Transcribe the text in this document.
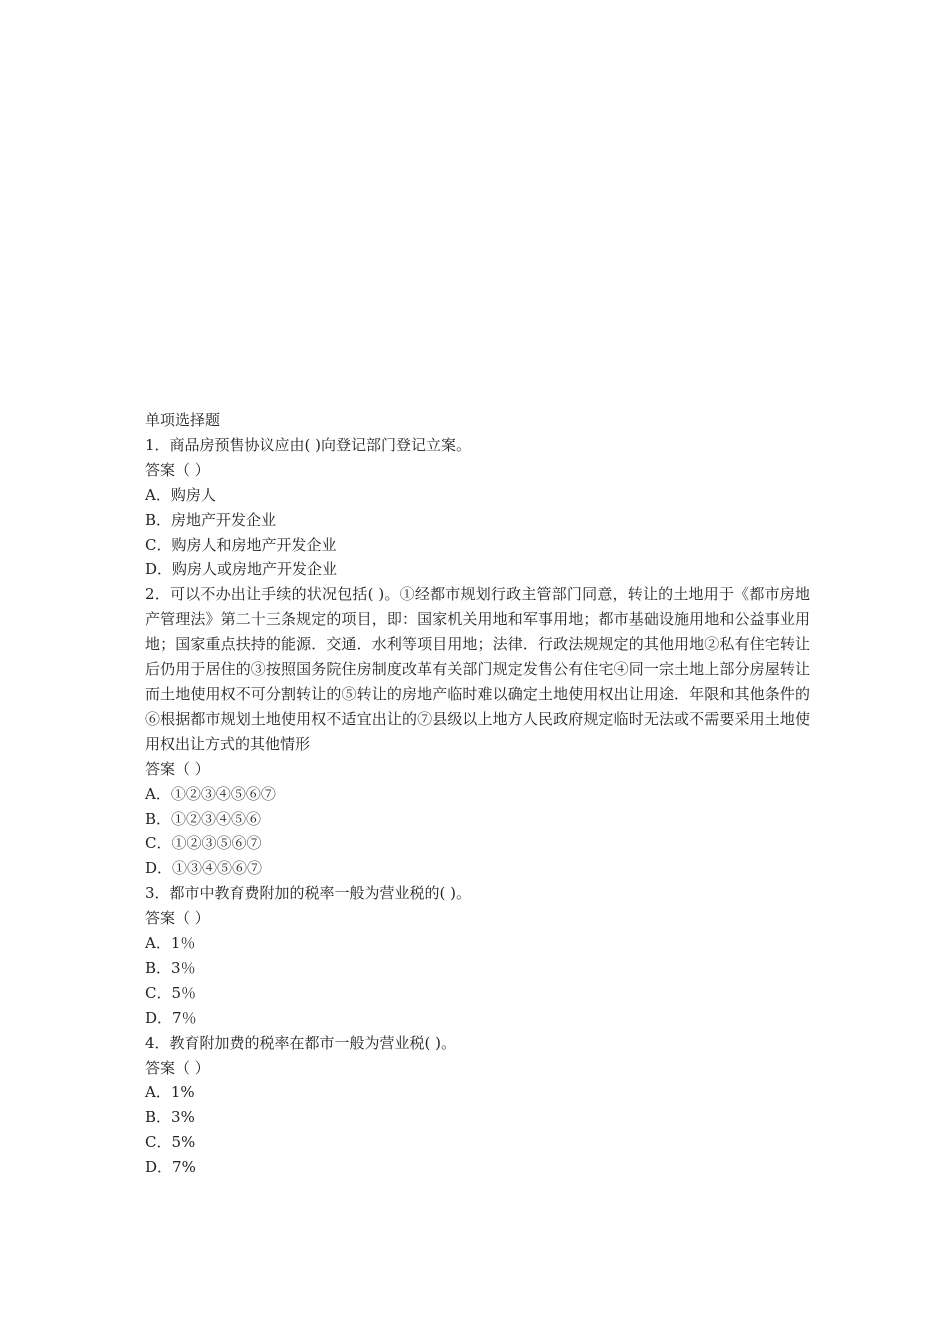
单项选择题

1．商品房预售协议应由( )向登记部门登记立案。

答案（ ）

A．购房人

B．房地产开发企业

C．购房人和房地产开发企业

D．购房人或房地产开发企业

2．可以不办出让手续的状况包括( )。①经都市规划行政主管部门同意，转让的土地用于《都市房地产管理法》第二十三条规定的项目，即：国家机关用地和军事用地；都市基础设施用地和公益事业用地；国家重点扶持的能源．交通．水利等项目用地；法律．行政法规规定的其他用地②私有住宅转让后仍用于居住的③按照国务院住房制度改革有关部门规定发售公有住宅④同一宗土地上部分房屋转让而土地使用权不可分割转让的⑤转让的房地产临时难以确定土地使用权出让用途．年限和其他条件的⑥根据都市规划土地使用权不适宜出让的⑦县级以上地方人民政府规定临时无法或不需要采用土地使用权出让方式的其他情形

答案（ ）

A．①②③④⑤⑥⑦

B．①②③④⑤⑥

C．①②③⑤⑥⑦

D．①③④⑤⑥⑦

3．都市中教育费附加的税率一般为营业税的( )。

答案（ ）

A．1％

B．3％

C．5％

D．7％

4．教育附加费的税率在都市一般为营业税( )。

答案（ ）

A．1%

B．3%

C．5%

D．7%
